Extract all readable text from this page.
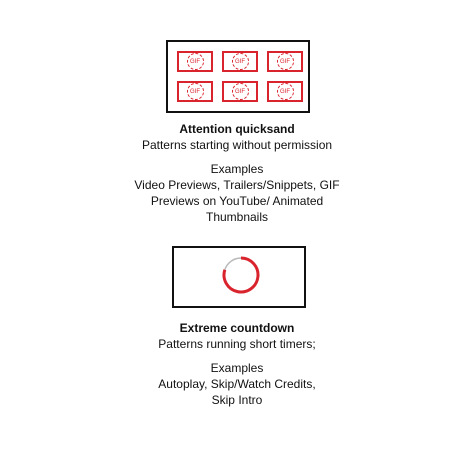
GIF	GIF	GIF
GIF	GIF	GIF
Attention quicksand
Patterns starting without permission
Examples
Video Previews, Trailers/Snippets, GIF
Previews on YouTube/ Animated
Thumbnails
Extreme countdown
Patterns running short timers;
Examples
Autoplay, Skip/Watch Credits,
Skip Intro
